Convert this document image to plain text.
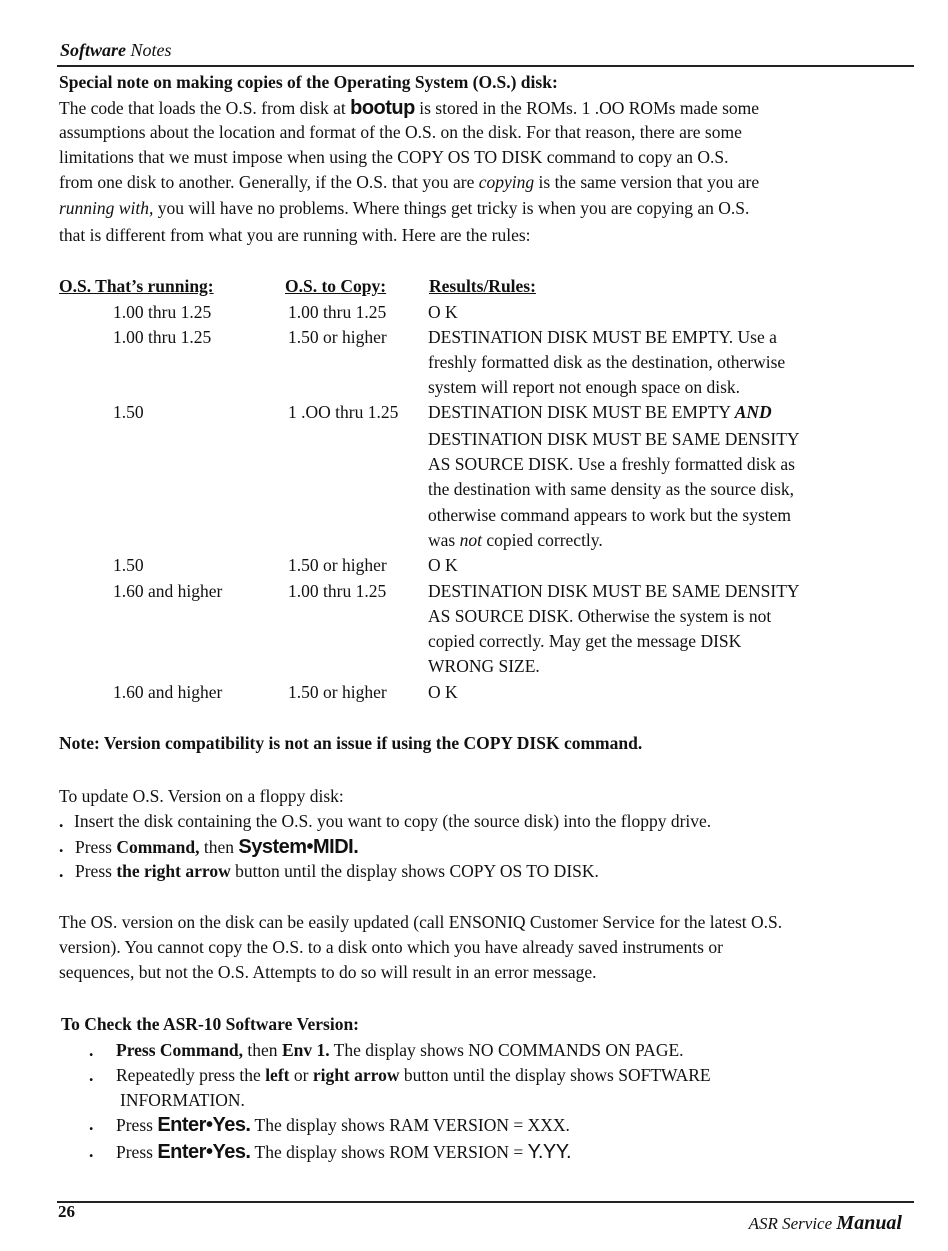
Software Notes
Special note on making copies of the Operating System (O.S.) disk:
The code that loads the O.S. from disk at bootup is stored in the ROMs. 1 .OO ROMs made some
assumptions about the location and format of the O.S. on the disk. For that reason, there are some
limitations that we must impose when using the COPY OS TO DISK command to copy an O.S.
from one disk to another. Generally, if the O.S. that you are copying is the same version that you are
running with, you will have no problems. Where things get tricky is when you are copying an O.S.
that is different from what you are running with. Here are the rules:
O.S. That’s running:	O.S. to Copy: Results/Rules:
1.00 thru 1.25	1.00 thru 1.25 O K
1.00 thru 1.25	1.50 or higher DESTINATION DISK MUST BE EMPTY. Use a
freshly formatted disk as the destination, otherwise
system will report not enough space on disk.
1.50	1 .OO thru 1.25 DESTINATION DISK MUST BE EMPTY AND
DESTINATION DISK MUST BE SAME DENSITY
AS SOURCE DISK. Use a freshly formatted disk as
the destination with same density as the source disk,
otherwise command appears to work but the system
was not copied correctly.
1.50	1.50 or higher O K
1.60 and higher	1.00 thru 1.25 DESTINATION DISK MUST BE SAME DENSITY
AS SOURCE DISK. Otherwise the system is not
copied correctly. May get the message DISK
WRONG SIZE.
1.60 and higher	1.50 or higher O K
Note: Version compatibility is not an issue if using the COPY DISK command.
To update O.S. Version on a floppy disk:
. Insert the disk containing the O.S. you want to copy (the source disk) into the floppy drive.
. Press Command, then System•MIDI.
. Press the right arrow button until the display shows COPY OS TO DISK.
The OS. version on the disk can be easily updated (call ENSONIQ Customer Service for the latest O.S.
version). You cannot copy the O.S. to a disk onto which you have already saved instruments or
sequences, but not the O.S. Attempts to do so will result in an error message.
To Check the ASR-10 Software Version:
. Press Command, then Env 1. The display shows NO COMMANDS ON PAGE.
. Repeatedly press the left or right arrow button until the display shows SOFTWARE
INFORMATION.
. Press Enter•Yes. The display shows RAM VERSION = XXX.
. Press Enter•Yes. The display shows ROM VERSION = Y.YY.
26
ASR Service Manual
